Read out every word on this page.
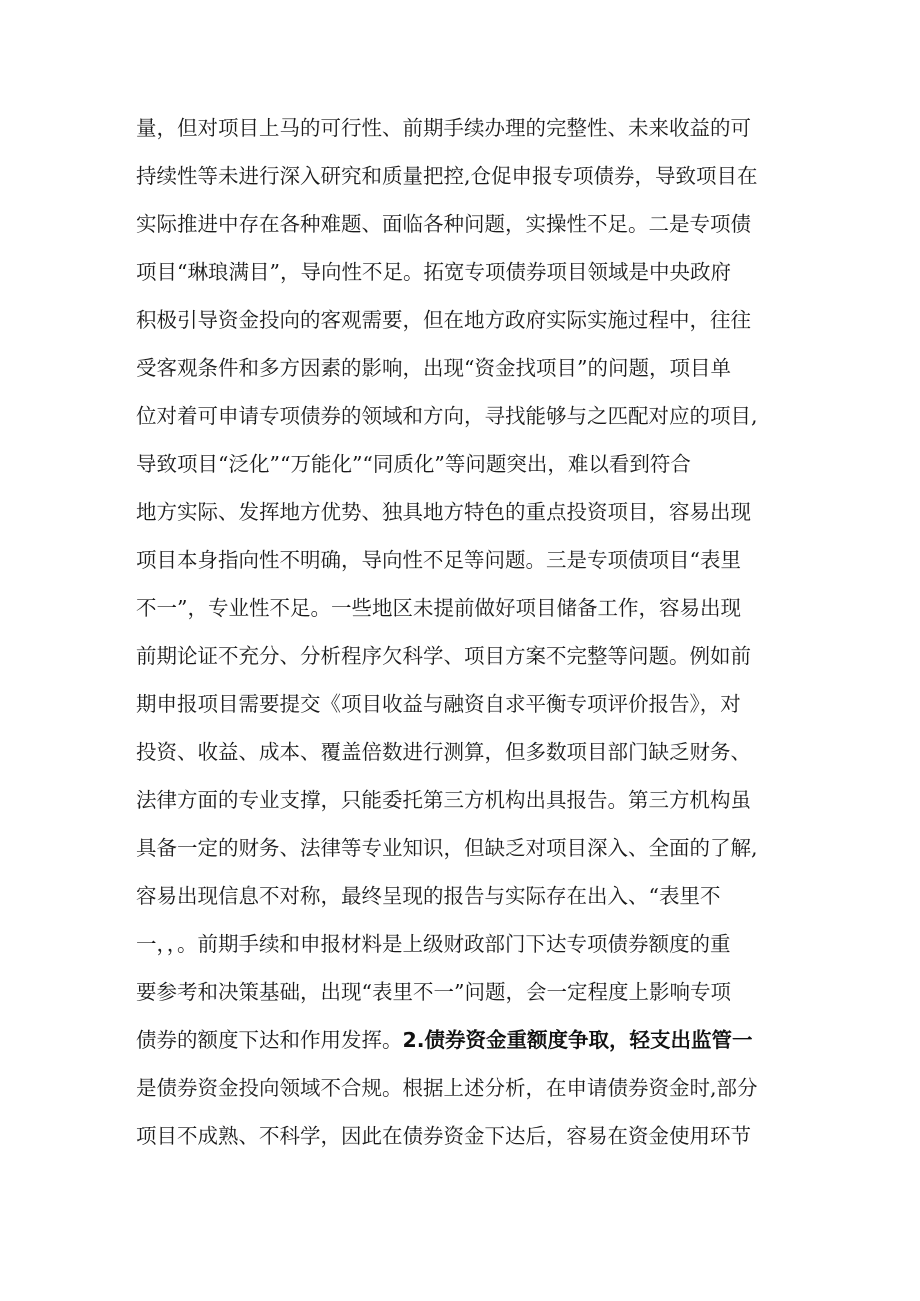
量，但对项目上马的可行性、前期手续办理的完整性、未来收益的可
持续性等未进行深入研究和质量把控,仓促申报专项债券，导致项目在
实际推进中存在各种难题、面临各种问题，实操性不足。二是专项债
项目“琳琅满目”，导向性不足。拓宽专项债券项目领域是中央政府
积极引导资金投向的客观需要，但在地方政府实际实施过程中，往往
受客观条件和多方因素的影响，出现“资金找项目”的问题，项目单
位对着可申请专项债券的领域和方向，寻找能够与之匹配对应的项目,
导致项目“泛化”“万能化”“同质化”等问题突出，难以看到符合
地方实际、发挥地方优势、独具地方特色的重点投资项目，容易出现
项目本身指向性不明确，导向性不足等问题。三是专项债项目“表里
不一”，专业性不足。一些地区未提前做好项目储备工作，容易出现
前期论证不充分、分析程序欠科学、项目方案不完整等问题。例如前
期申报项目需要提交《项目收益与融资自求平衡专项评价报告》，对
投资、收益、成本、覆盖倍数进行测算，但多数项目部门缺乏财务、
法律方面的专业支撑，只能委托第三方机构出具报告。第三方机构虽
具备一定的财务、法律等专业知识，但缺乏对项目深入、全面的了解,
容易出现信息不对称，最终呈现的报告与实际存在出入、“表里不
一，，。前期手续和申报材料是上级财政部门下达专项债券额度的重
要参考和决策基础，出现“表里不一”问题，会一定程度上影响专项
债券的额度下达和作用发挥。2.债券资金重额度争取，轻支出监管一
是债券资金投向领域不合规。根据上述分析，在申请债券资金时,部分
项目不成熟、不科学，因此在债券资金下达后，容易在资金使用环节
